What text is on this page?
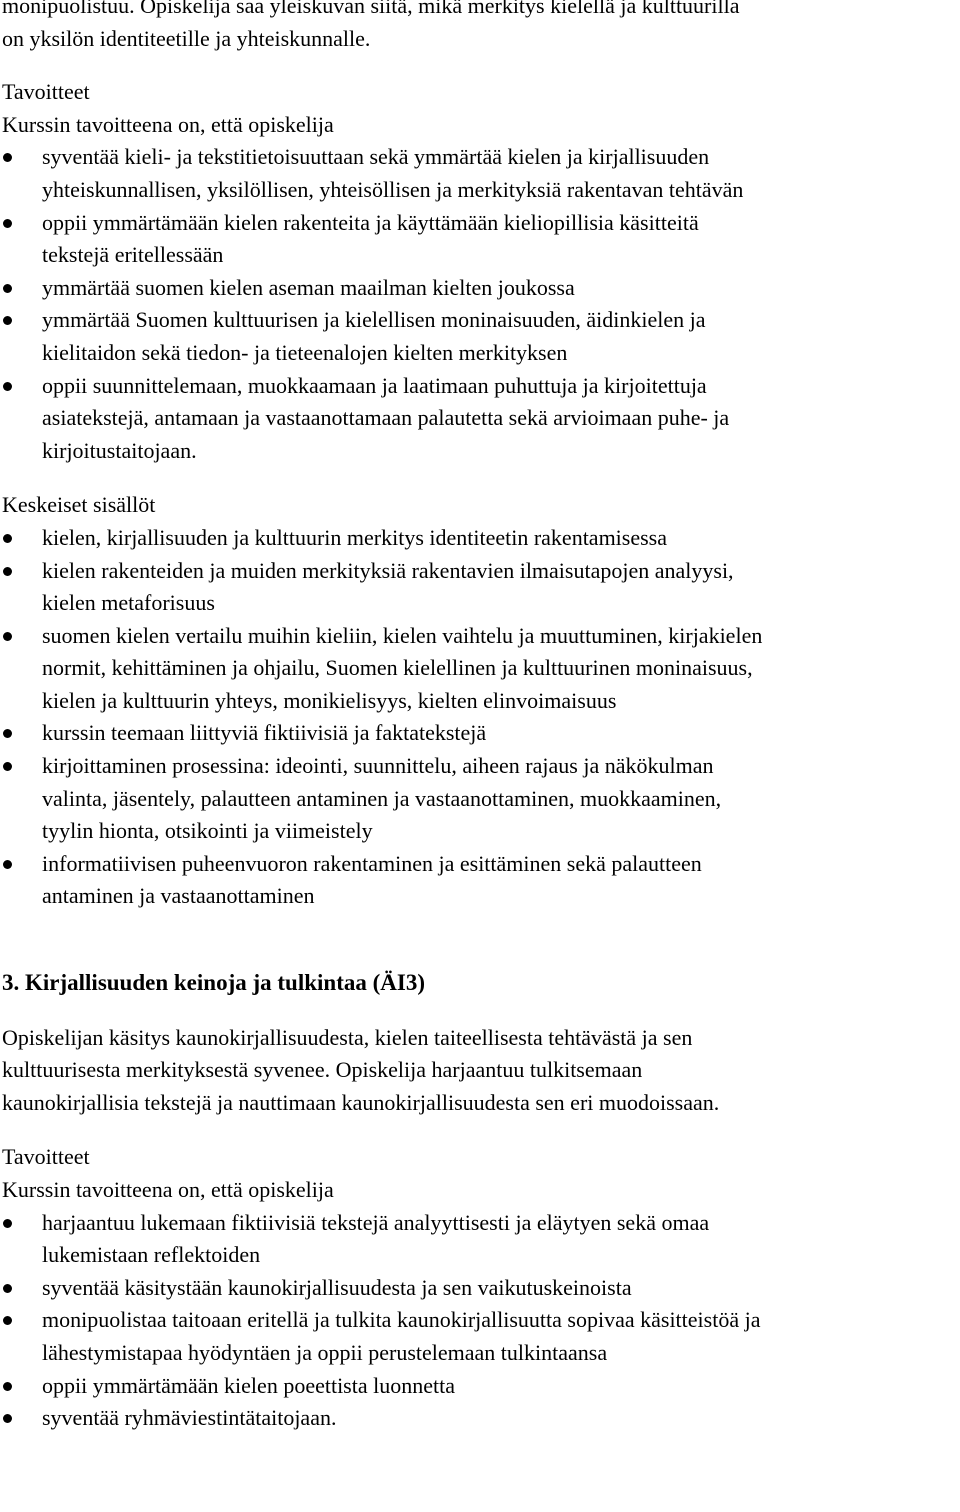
monipuolistuu. Opiskelija saa yleiskuvan siitä, mikä merkitys kielellä ja kulttuurilla

on yksilön identiteetille ja yhteiskunnalle.

Tavoitteet

Kurssin tavoitteena on, että opiskelija

syventää kieli- ja tekstitietoisuuttaan sekä ymmärtää kielen ja kirjallisuuden
yhteiskunnallisen, yksilöllisen, yhteisöllisen ja merkityksiä rakentavan tehtävän
oppii ymmärtämään kielen rakenteita ja käyttämään kieliopillisia käsitteitä
tekstejä eritellessään
ymmärtää suomen kielen aseman maailman kielten joukossa
ymmärtää Suomen kulttuurisen ja kielellisen moninaisuuden, äidinkielen ja
kielitaidon sekä tiedon- ja tieteenalojen kielten merkityksen
oppii suunnittelemaan, muokkaamaan ja laatimaan puhuttuja ja kirjoitettuja
asiatekstejä, antamaan ja vastaanottamaan palautetta sekä arvioimaan puhe- ja
kirjoitustaitojaan.

Keskeiset sisällöt

kielen, kirjallisuuden ja kulttuurin merkitys identiteetin rakentamisessa
kielen rakenteiden ja muiden merkityksiä rakentavien ilmaisutapojen analyysi,
kielen metaforisuus
suomen kielen vertailu muihin kieliin, kielen vaihtelu ja muuttuminen, kirjakielen
normit, kehittäminen ja ohjailu, Suomen kielellinen ja kulttuurinen moninaisuus,
kielen ja kulttuurin yhteys, monikielisyys, kielten elinvoimaisuus
kurssin teemaan liittyviä fiktiivisiä ja faktatekstejä
kirjoittaminen prosessina: ideointi, suunnittelu, aiheen rajaus ja näkökulman
valinta, jäsentely, palautteen antaminen ja vastaanottaminen, muokkaaminen,
tyylin hionta, otsikointi ja viimeistely
informatiivisen puheenvuoron rakentaminen ja esittäminen sekä palautteen
antaminen ja vastaanottaminen

3. Kirjallisuuden keinoja ja tulkintaa (ÄI3)

Opiskelijan käsitys kaunokirjallisuudesta, kielen taiteellisesta tehtävästä ja sen

kulttuurisesta merkityksestä syvenee. Opiskelija harjaantuu tulkitsemaan

kaunokirjallisia tekstejä ja nauttimaan kaunokirjallisuudesta sen eri muodoissaan.

Tavoitteet

Kurssin tavoitteena on, että opiskelija

harjaantuu lukemaan fiktiivisiä tekstejä analyyttisesti ja eläytyen sekä omaa
lukemistaan reflektoiden
syventää käsitystään kaunokirjallisuudesta ja sen vaikutuskeinoista
monipuolistaa taitoaan eritellä ja tulkita kaunokirjallisuutta sopivaa käsitteistöä ja
lähestymistapaa hyödyntäen ja oppii perustelemaan tulkintaansa
oppii ymmärtämään kielen poeettista luonnetta
syventää ryhmäviestintätaitojaan.
